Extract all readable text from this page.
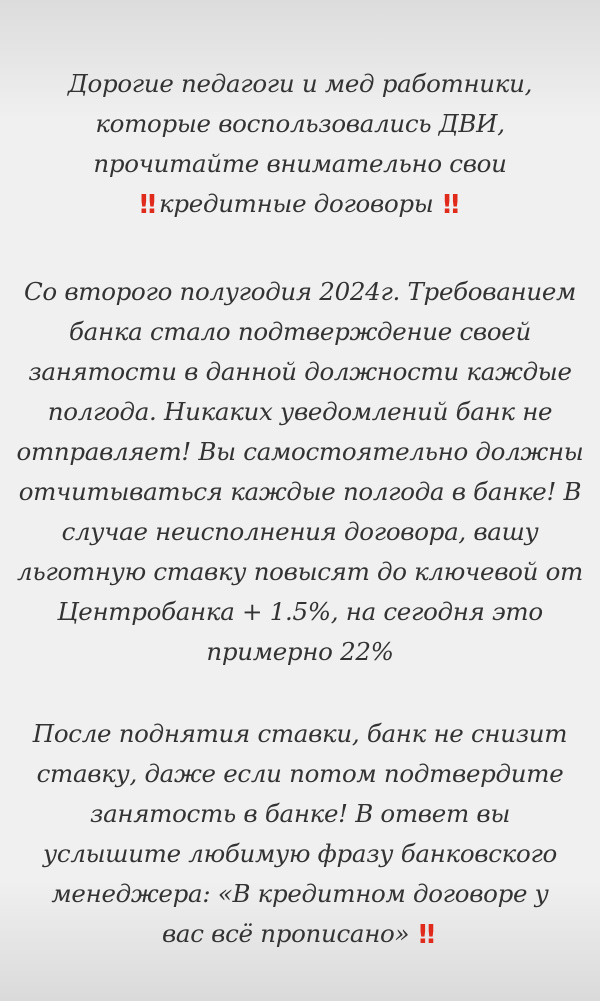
Дорогие педагоги и мед работники,
которые воспользовались ДВИ,
прочитайте внимательно свои
‼ кредитные договоры ‼

Со второго полугодия 2024г. Требованием
банка стало подтверждение своей
занятости в данной должности каждые
полгода. Никаких уведомлений банк не
отправляет! Вы самостоятельно должны
отчитываться каждые полгода в банке! В
случае неисполнения договора, вашу
льготную ставку повысят до ключевой от
Центробанка + 1.5%, на сегодня это
примерно 22%

После поднятия ставки, банк не снизит
ставку, даже если потом подтвердите
занятость в банке! В ответ вы
услышите любимую фразу банковского
менеджера: «В кредитном договоре у
вас всё прописано» ‼
